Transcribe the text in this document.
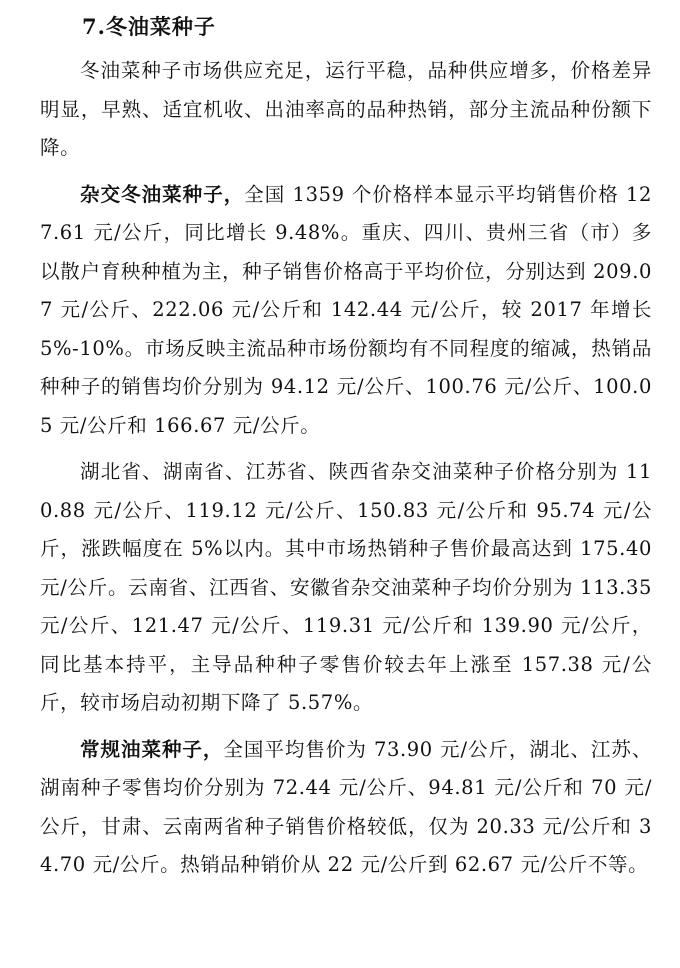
7.冬油菜种子

冬油菜种子市场供应充足，运行平稳，品种供应增多，价格差异明显，早熟、适宜机收、出油率高的品种热销，部分主流品种份额下降。

杂交冬油菜种子，全国 1359 个价格样本显示平均销售价格 127.61 元/公斤，同比增长 9.48%。重庆、四川、贵州三省（市）多以散户育秧种植为主，种子销售价格高于平均价位，分别达到 209.07 元/公斤、222.06 元/公斤和 142.44 元/公斤，较 2017 年增长 5%-10%。市场反映主流品种市场份额均有不同程度的缩减，热销品种种子的销售均价分别为 94.12 元/公斤、100.76 元/公斤、100.05 元/公斤和 166.67 元/公斤。

湖北省、湖南省、江苏省、陕西省杂交油菜种子价格分别为 110.88 元/公斤、119.12 元/公斤、150.83 元/公斤和 95.74 元/公斤，涨跌幅度在 5%以内。其中市场热销种子售价最高达到 175.40 元/公斤。云南省、江西省、安徽省杂交油菜种子均价分别为 113.35 元/公斤、121.47 元/公斤、119.31 元/公斤和 139.90 元/公斤，同比基本持平，主导品种种子零售价较去年上涨至 157.38 元/公斤，较市场启动初期下降了 5.57%。

常规油菜种子，全国平均售价为 73.90 元/公斤，湖北、江苏、湖南种子零售均价分别为 72.44 元/公斤、94.81 元/公斤和 70 元/公斤，甘肃、云南两省种子销售价格较低，仅为 20.33 元/公斤和 34.70 元/公斤。热销品种销价从 22 元/公斤到 62.67 元/公斤不等。
